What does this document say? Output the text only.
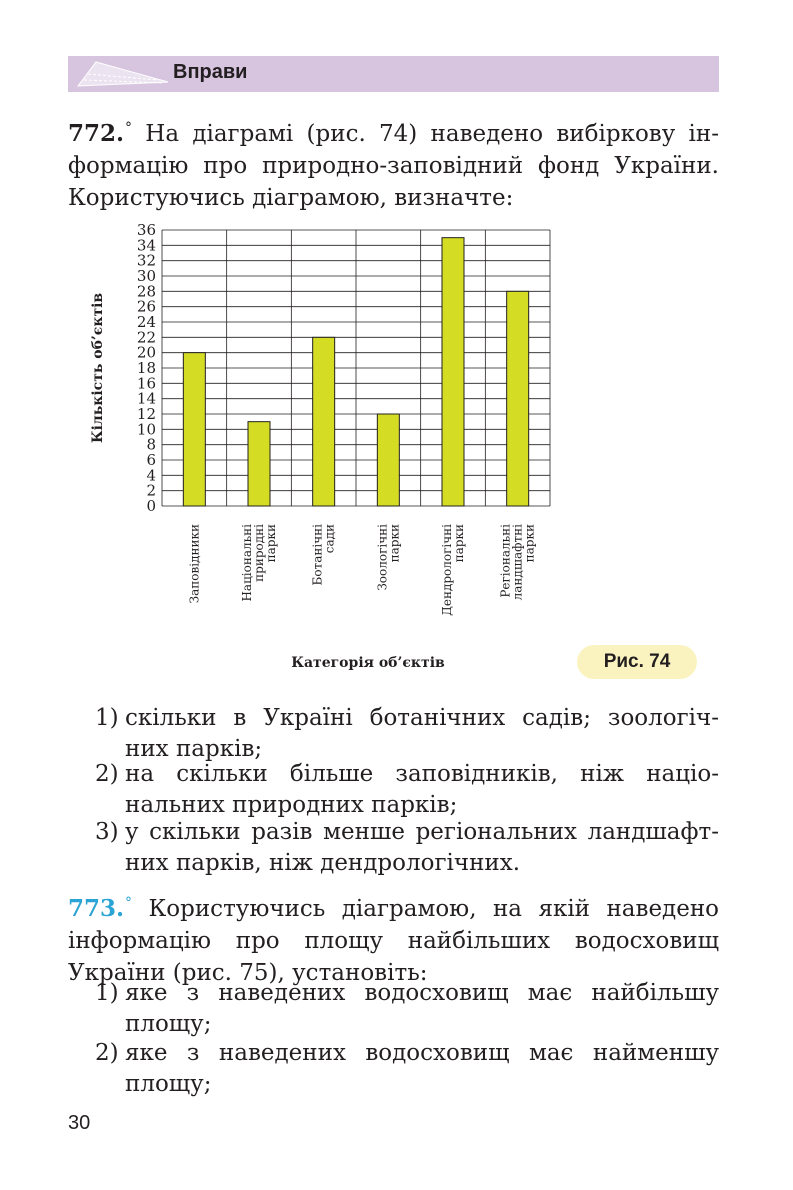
Вправи
772.° На діаграмі (рис. 74) наведено вибіркову ін-
формацію про природно-заповідний фонд України.
Користуючись діаграмою, визначте:
0
2
4
6
8
10
12
14
16
18
20
22
24
26
28
30
32
34
36
Заповідники	Національні
природні
парки	Ботанічні
сади	Зоологічні
парки	Дендрологічні
парки	Регіональні
ландшафтні
парки
Кількість об’єктів
Категорія об’єктів	Рис. 74
1) скільки в Україні ботанічних садів; зоологіч-
них парків;
2) на скільки більше заповідників, ніж націо-
нальних природних парків;
3) у скільки разів менше регіональних ландшафт-
них парків, ніж дендрологічних.
773.° Користуючись діаграмою, на якій наведено
інформацію про площу найбільших водосховищ
України (рис. 75), установіть:
1) яке з наведених водосховищ має найбільшу
площу;
2) яке з наведених водосховищ має найменшу
площу;
30
